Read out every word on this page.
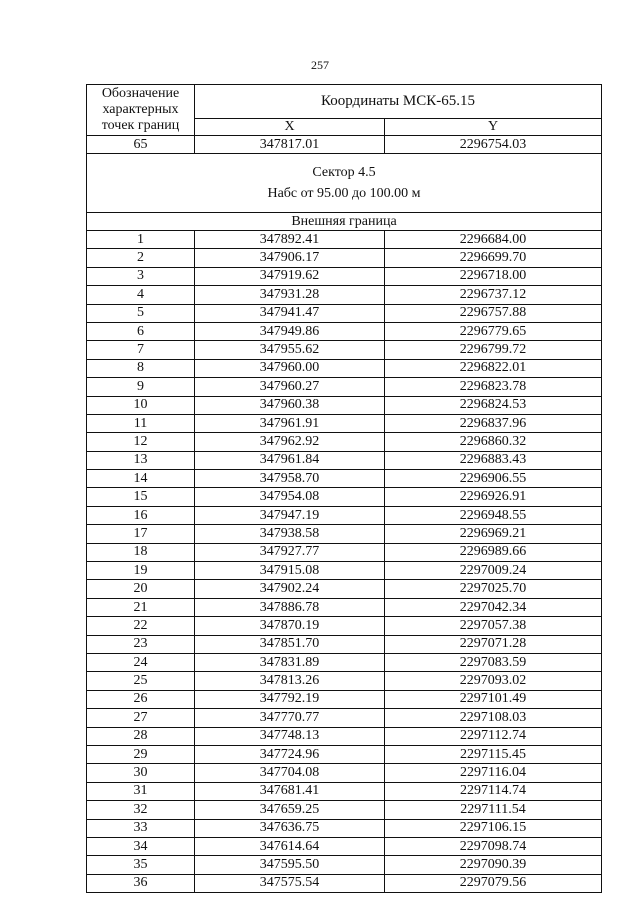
257
Обозначение характерных точек границ	Координаты МСК-65.15	
	X	Y
65	347817.01	2296754.03

Сектор 4.5
Набс от 95.00 до 100.00 м		

Внешняя граница		
1	347892.41	2296684.00
2	347906.17	2296699.70
3	347919.62	2296718.00
4	347931.28	2296737.12
5	347941.47	2296757.88
6	347949.86	2296779.65
7	347955.62	2296799.72
8	347960.00	2296822.01
9	347960.27	2296823.78
10	347960.38	2296824.53
11	347961.91	2296837.96
12	347962.92	2296860.32
13	347961.84	2296883.43
14	347958.70	2296906.55
15	347954.08	2296926.91
16	347947.19	2296948.55
17	347938.58	2296969.21
18	347927.77	2296989.66
19	347915.08	2297009.24
20	347902.24	2297025.70
21	347886.78	2297042.34
22	347870.19	2297057.38
23	347851.70	2297071.28
24	347831.89	2297083.59
25	347813.26	2297093.02
26	347792.19	2297101.49
27	347770.77	2297108.03
28	347748.13	2297112.74
29	347724.96	2297115.45
30	347704.08	2297116.04
31	347681.41	2297114.74
32	347659.25	2297111.54
33	347636.75	2297106.15
34	347614.64	2297098.74
35	347595.50	2297090.39
36	347575.54	2297079.56
